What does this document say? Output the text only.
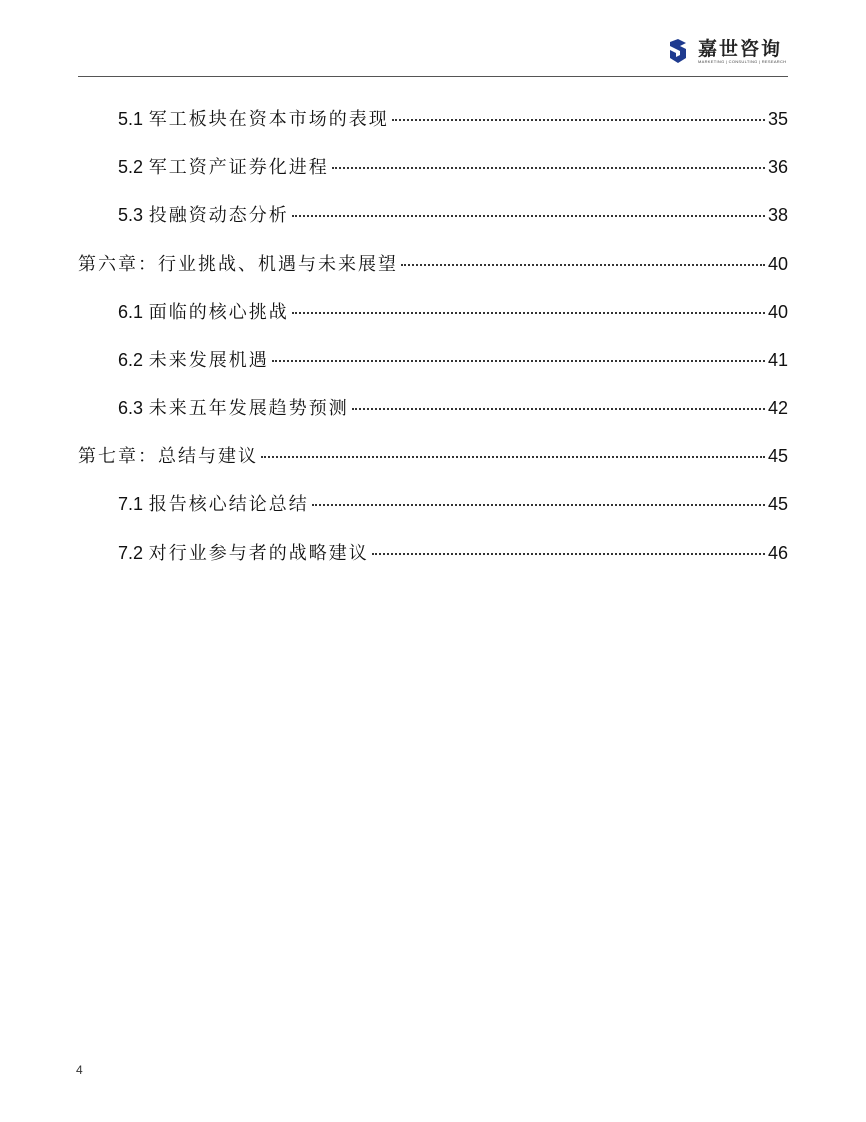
嘉世咨询
MARKETING | CONSULTING | RESEARCH
5.1
军工板块在资本市场的表现	35
5.2
军工资产证券化进程	36
5.3
投融资动态分析	38
第六章：行业挑战、机遇与未来展望	40
6.1
面临的核心挑战	40
6.2
未来发展机遇	41
6.3
未来五年发展趋势预测	42
第七章：总结与建议	45
7.1
报告核心结论总结	45
7.2
对行业参与者的战略建议	46
4
